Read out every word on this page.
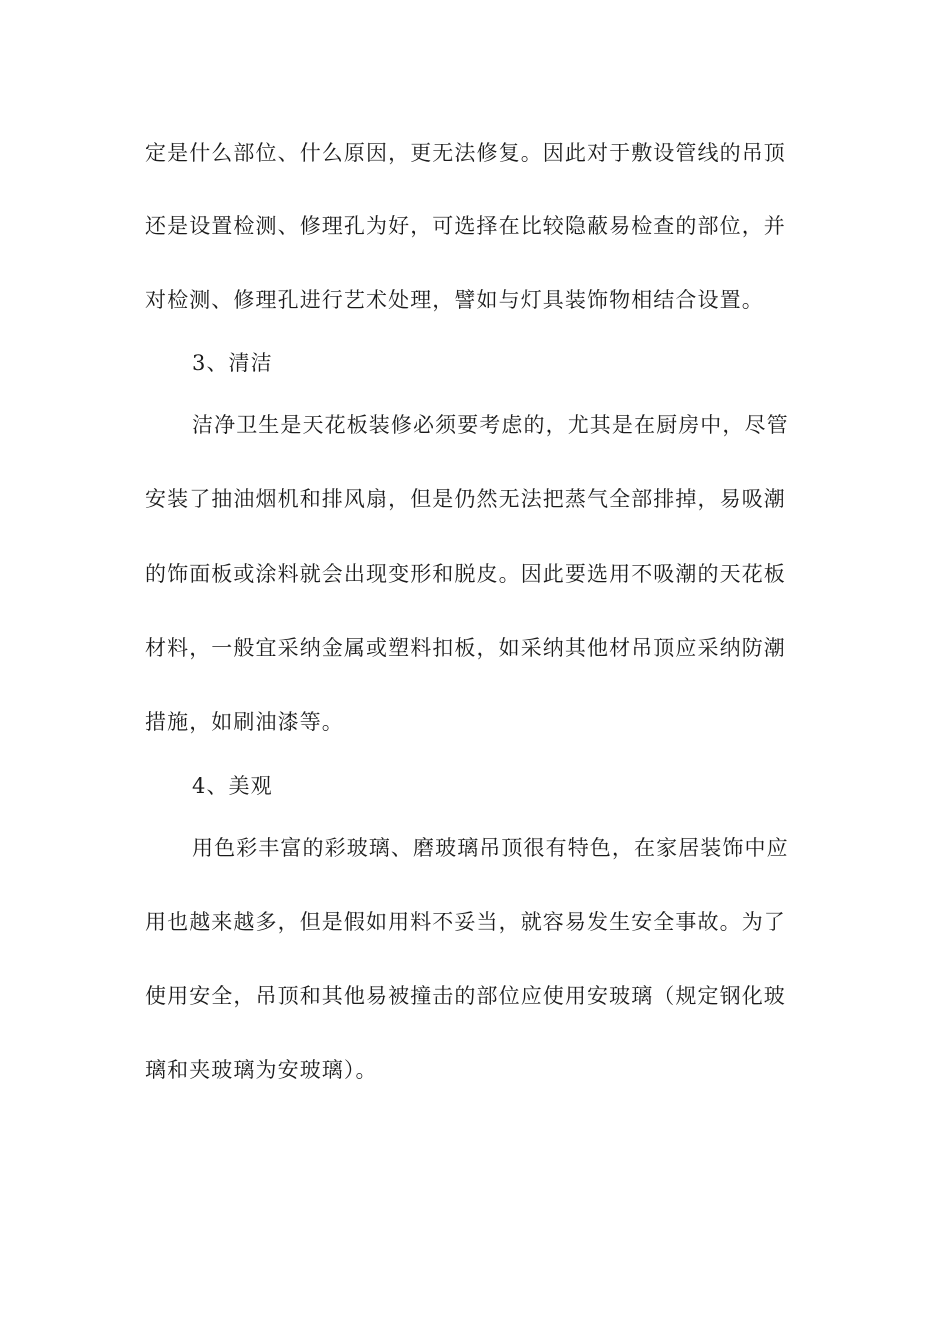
定是什么部位、什么原因，更无法修复。因此对于敷设管线的吊顶
还是设置检测、修理孔为好，可选择在比较隐蔽易检查的部位，并
对检测、修理孔进行艺术处理，譬如与灯具装饰物相结合设置。
3、清洁
洁净卫生是天花板装修必须要考虑的，尤其是在厨房中，尽管
安装了抽油烟机和排风扇，但是仍然无法把蒸气全部排掉，易吸潮
的饰面板或涂料就会出现变形和脱皮。因此要选用不吸潮的天花板
材料，一般宜采纳金属或塑料扣板，如采纳其他材吊顶应采纳防潮
措施，如刷油漆等。
4、美观
用色彩丰富的彩玻璃、磨玻璃吊顶很有特色，在家居装饰中应
用也越来越多，但是假如用料不妥当，就容易发生安全事故。为了
使用安全，吊顶和其他易被撞击的部位应使用安玻璃（规定钢化玻
璃和夹玻璃为安玻璃）。
